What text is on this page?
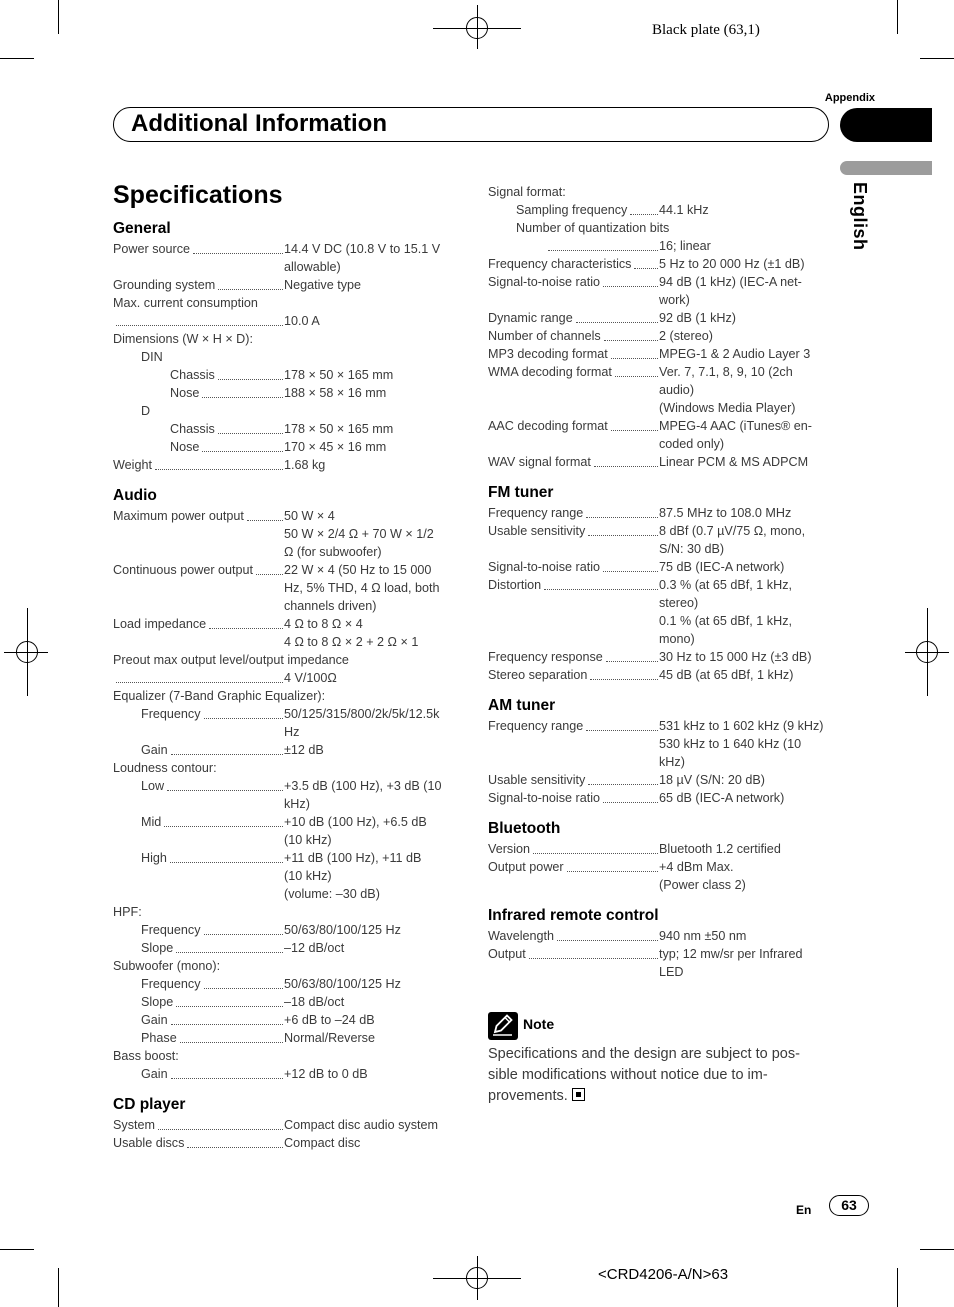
Black plate (63,1)
Appendix
Additional Information
English
Specifications
General
Power source	14.4 V DC (10.8 V to 15.1 V
allowable)
Grounding system	Negative type
Max. current consumption
10.0 A
Dimensions (W × H × D):
DIN
Chassis	178 × 50 × 165 mm
Nose	188 × 58 × 16 mm
D
Chassis	178 × 50 × 165 mm
Nose	170 × 45 × 16 mm
Weight	1.68 kg
Audio
Maximum power output	50 W × 4
50 W × 2/4 Ω + 70 W × 1/2
Ω (for subwoofer)
Continuous power output 22 W × 4 (50 Hz to 15 000
Hz, 5% THD, 4 Ω load, both
channels driven)
Load impedance	4 Ω to 8 Ω × 4
4 Ω to 8 Ω × 2 + 2 Ω × 1
Preout max output level/output impedance
4 V/100Ω
Equalizer (7-Band Graphic Equalizer):
Frequency	50/125/315/800/2k/5k/12.5k
Hz
Gain	±12 dB
Loudness contour:
Low	+3.5 dB (100 Hz), +3 dB (10
kHz)
Mid	+10 dB (100 Hz), +6.5 dB
(10 kHz)
High	+11 dB (100 Hz), +11 dB
(10 kHz)
(volume: –30 dB)
HPF:
Frequency	50/63/80/100/125 Hz
Slope	–12 dB/oct
Subwoofer (mono):
Frequency	50/63/80/100/125 Hz
Slope	–18 dB/oct
Gain	+6 dB to –24 dB
Phase	Normal/Reverse
Bass boost:
Gain	+12 dB to 0 dB
CD player
System	Compact disc audio system
Usable discs	Compact disc
Signal format:
Sampling frequency	44.1 kHz
Number of quantization bits
16; linear
Frequency characteristics 5 Hz to 20 000 Hz (±1 dB)
Signal-to-noise ratio	94 dB (1 kHz) (IEC-A net-
work)
Dynamic range	92 dB (1 kHz)
Number of channels	2 (stereo)
MP3 decoding format	MPEG-1 & 2 Audio Layer 3
WMA decoding format	Ver. 7, 7.1, 8, 9, 10 (2ch
audio)
(Windows Media Player)
AAC decoding format	MPEG-4 AAC (iTunes® en-
coded only)
WAV signal format	Linear PCM & MS ADPCM
FM tuner
Frequency range	87.5 MHz to 108.0 MHz
Usable sensitivity	8 dBf (0.7 µV/75 Ω, mono,
S/N: 30 dB)
Signal-to-noise ratio	75 dB (IEC-A network)
Distortion	0.3 % (at 65 dBf, 1 kHz,
stereo)
0.1 % (at 65 dBf, 1 kHz,
mono)
Frequency response	30 Hz to 15 000 Hz (±3 dB)
Stereo separation	45 dB (at 65 dBf, 1 kHz)
AM tuner
Frequency range	531 kHz to 1 602 kHz (9 kHz)
530 kHz to 1 640 kHz (10
kHz)
Usable sensitivity	18 µV (S/N: 20 dB)
Signal-to-noise ratio	65 dB (IEC-A network)
Bluetooth
Version	Bluetooth 1.2 certified
Output power	+4 dBm Max.
(Power class 2)
Infrared remote control
Wavelength	940 nm ±50 nm
Output	typ; 12 mw/sr per Infrared
LED
Note
Specifications and the design are subject to pos- sible modifications without notice due to im- provements.
En	63
<CRD4206-A/N>63
